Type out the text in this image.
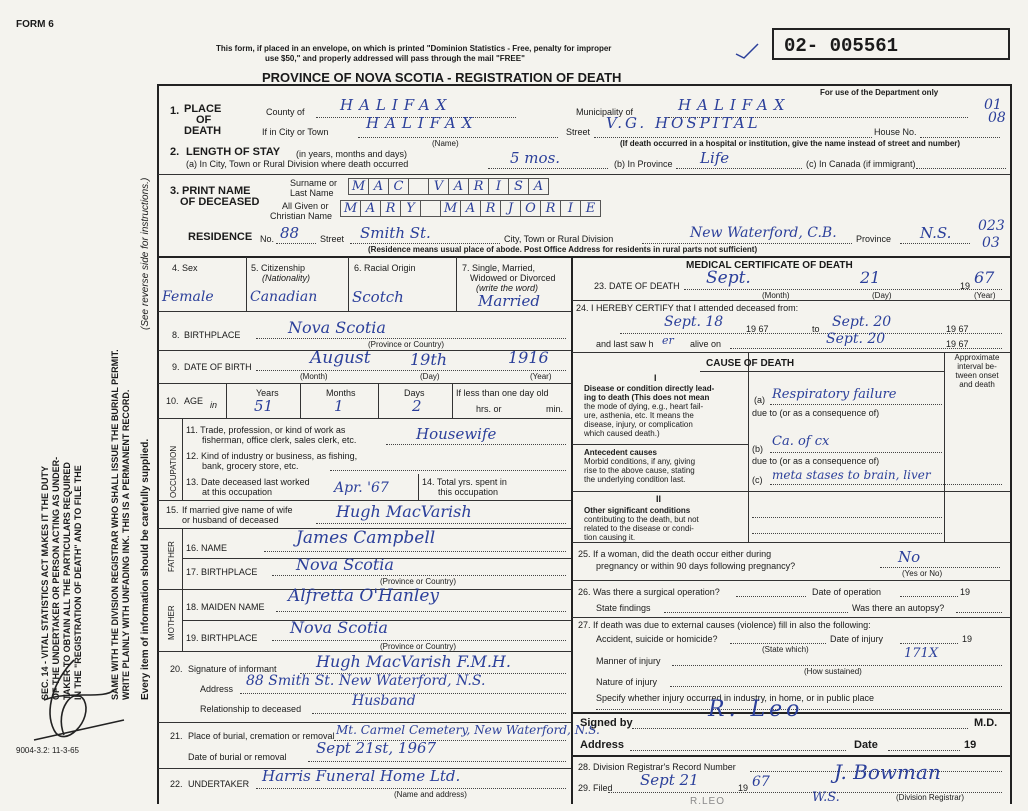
FORM 6
This form, if placed in an envelope, on which is printed "Dominion Statistics - Free, penalty for improper
use $50," and properly addressed will pass through the mail "FREE"
PROVINCE OF NOVA SCOTIA - REGISTRATION OF DEATH
02- 005561
For use of the Department only
01
08
SEC. 14 - VITAL STATISTICS ACT MAKES IT THE DUTY OF THE UNDERTAKER OR PERSON ACTING AS UNDER- TAKER TO OBTAIN ALL THE PARTICULARS REQUIRED IN THE "REGISTRATION OF DEATH" AND TO FILE THE	SAME WITH THE DIVISION REGISTRAR WHO SHALL ISSUE THE BURIAL PERMIT. WRITE PLAINLY WITH UNFADING INK. THIS IS A PERMANENT RECORD. Every item of information should be carefully supplied.
(See reverse side for instructions.)
9004-3.2: 11-3-65
1. PLACE
OF
DEATH
County of HALIFAX	Municipality of	HALIFAX
If in City or Town	HALIFAX
(Name)
Street V.G. HOSPITAL	House No.
(If death occurred in a hospital or institution, give the name instead of street and number)
2. LENGTH OF STAY (in years, months and days)
(a) In City, Town or Rural Division where death occurred	5 mos.	(b) In Province Life	(c) In Canada (if immigrant)
3. PRINT NAME
OF DECEASED
Surname or
Last Name M A C	V A R I S A
All Given or
Christian Name M A R Y	M A R J O R I E
RESIDENCE No. 88 Street Smith St.	City, Town or Rural Division	New Waterford, C.B. Province N.S. 023
03
(Residence means usual place of abode. Post Office Address for residents in rural parts not sufficient)
4. Sex
Female
5. Citizenship
(Nationality)
Canadian
6. Racial Origin
Scotch
7. Single, Married,
Widowed or Divorced
(write the word)
Married
8. BIRTHPLACE	Nova Scotia
(Province or Country)
9. DATE OF BIRTH	August 19th	1916
(Month)	(Day)	(Year)
10. AGE in
Years	Months	Days
51	1	2
If less than one day old
hrs. or	min.
OCCUPATION
11. Trade, profession, or kind of work as
fisherman, office clerk, sales clerk, etc.	Housewife
12. Kind of industry or business, as fishing,
bank, grocery store, etc.
13. Date deceased last worked
at this occupation	Apr. '67	14. Total yrs. spent in
this occupation
15. If married give name of wife
or husband of deceased	Hugh MacVarish
FATHER 16. NAME	James Campbell
17. BIRTHPLACE Nova Scotia
(Province or Country)
MOTHER 18. MAIDEN NAME
Alfretta O'Hanley
19. BIRTHPLACE
Nova Scotia
(Province or Country)
20. Signature of informant Hugh MacVarish F.M.H.
Address 88 Smith St. New Waterford, N.S.
Relationship to deceased	Husband
21. Place of burial, cremation or removal Mt. Carmel Cemetery, New Waterford, N.S.
Date of burial or removal Sept 21st, 1967
22. UNDERTAKER Harris Funeral Home Ltd.
(Name and address)
MEDICAL CERTIFICATE OF DEATH
23. DATE OF DEATH Sept.	21	19 67
(Month)	(Day)	(Year)
24. I HEREBY CERTIFY that I attended deceased from:
Sept. 18	19 67	to Sept. 20	19 67
and last saw h er alive on	Sept. 20	19 67
CAUSE OF DEATH
Approximate interval be-tween onset and death
I
Disease or condition directly lead-
ing to death (This does not mean
the mode of dying, e.g., heart fail-
ure, asthenia, etc. It means the
disease, injury, or complication
which caused death.)
(a) Respiratory failure
due to (or as a consequence of)
Antecedent causes
Morbid conditions, if any, giving
rise to the above cause, stating
the underlying condition last.
(b) Ca. of cx
due to (or as a consequence of)
(c) meta stases to brain, liver
II
Other significant conditions
contributing to the death, but not
related to the disease or condi-
tion causing it.
25. If a woman, did the death occur either during
pregnancy or within 90 days following pregnancy?	No
(Yes or No)
26. Was there a surgical operation?	Date of operation	19
State findings	Was there an autopsy?
27. If death was due to external causes (violence) fill in also the following:
Accident, suicide or homicide?
(State which)
Date of injury	19
Manner of injury	171X
(How sustained)
Nature of injury
Specify whether injury occurred in industry, in home, or in public place
Signed by
R. Leo
M.D.
Address	Date	19
28. Division Registrar's Record Number
29. Filed Sept 21	19 67	J. Bowman
(Division Registrar)
R.LEO	W.S.
